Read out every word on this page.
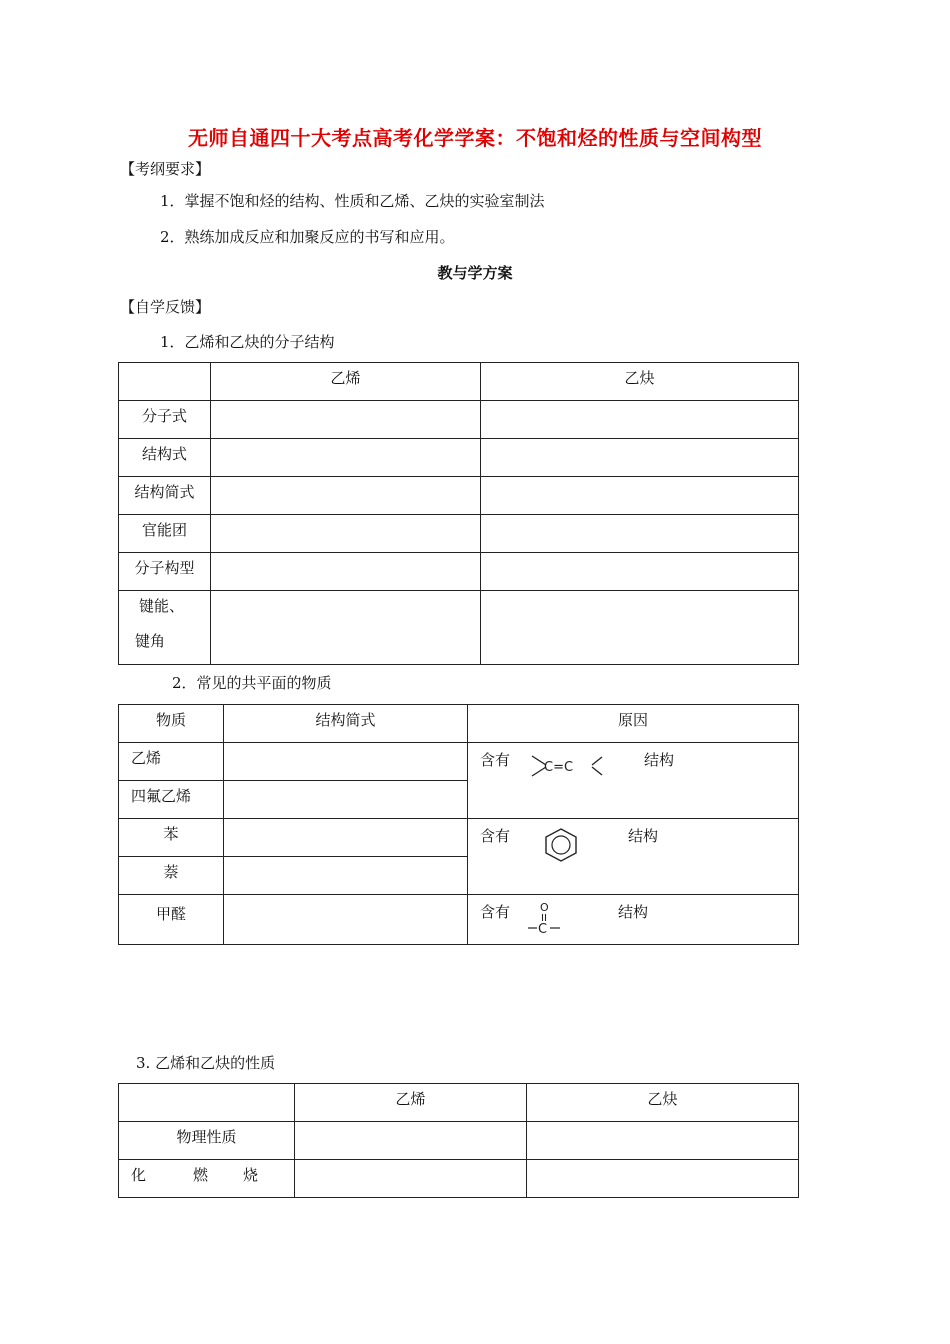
无师自通四十大考点高考化学学案：不饱和烃的性质与空间构型
【考纲要求】
1．掌握不饱和烃的结构、性质和乙烯、乙炔的实验室制法
2．熟练加成反应和加聚反应的书写和应用。
教与学方案
【自学反馈】
1．乙烯和乙炔的分子结构

	乙烯	乙炔

分子式		

结构式		

结构简式		

官能团		

分子构型		

键能、
键角		

2．常见的共平面的物质
物质	结构简式	原因

乙烯		含有 C=C 结构

四氟乙烯		

苯		含有 结构

萘		

甲醛		含有 O
C
结构
3. 乙烯和乙炔的性质

	乙烯	乙炔

物理性质		

化 燃 烧		
